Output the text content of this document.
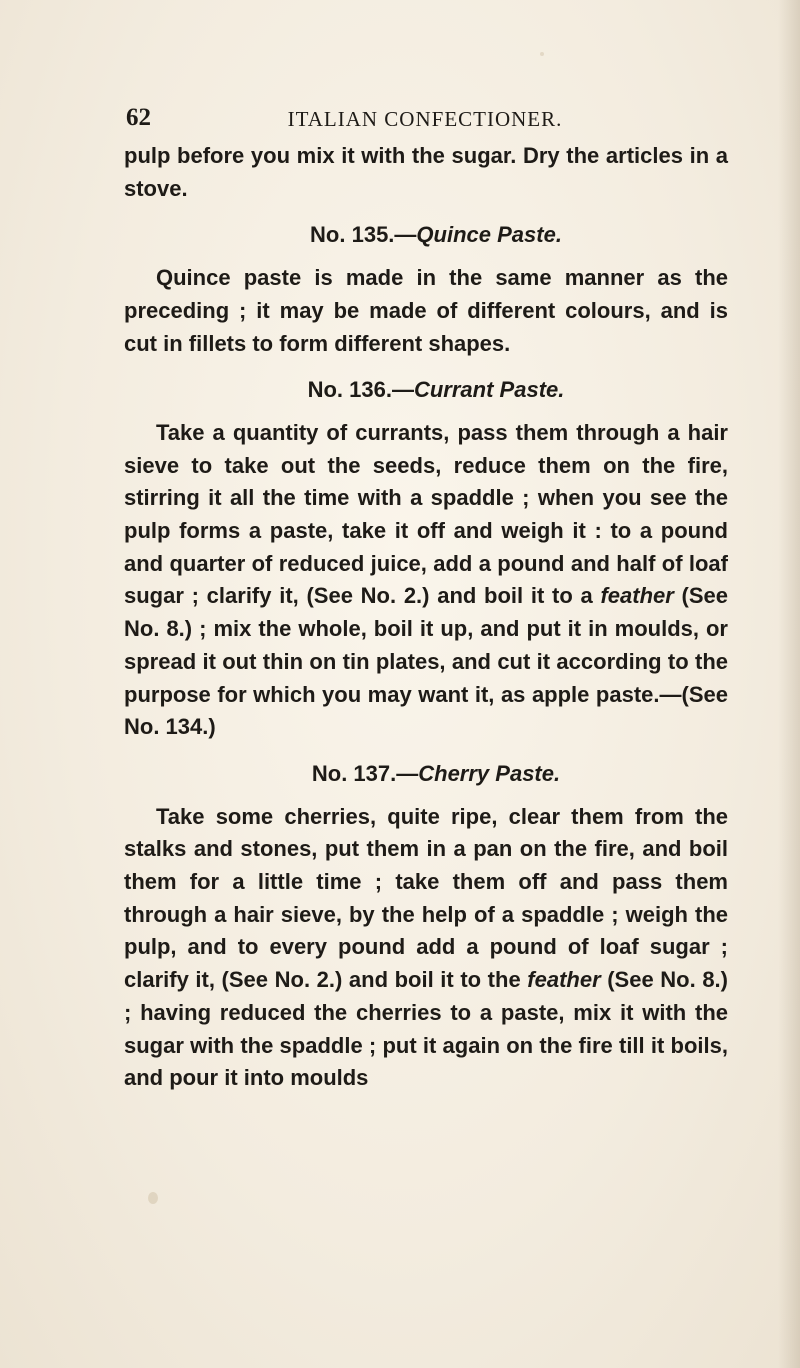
62	ITALIAN CONFECTIONER.

pulp before you mix it with the sugar. Dry the articles in a stove.

No. 135.—Quince Paste.

Quince paste is made in the same manner as the preceding ; it may be made of different colours, and is cut in fillets to form different shapes.

No. 136.—Currant Paste.

Take a quantity of currants, pass them through a hair sieve to take out the seeds, reduce them on the fire, stirring it all the time with a spaddle ; when you see the pulp forms a paste, take it off and weigh it : to a pound and quarter of reduced juice, add a pound and half of loaf sugar ; clarify it, (See No. 2.) and boil it to a feather (See No. 8.) ; mix the whole, boil it up, and put it in moulds, or spread it out thin on tin plates, and cut it according to the purpose for which you may want it, as apple paste.—(See No. 134.)

No. 137.—Cherry Paste.

Take some cherries, quite ripe, clear them from the stalks and stones, put them in a pan on the fire, and boil them for a little time ; take them off and pass them through a hair sieve, by the help of a spaddle ; weigh the pulp, and to every pound add a pound of loaf sugar ; clarify it, (See No. 2.) and boil it to the feather (See No. 8.) ; having reduced the cherries to a paste, mix it with the sugar with the spaddle ; put it again on the fire till it boils, and pour it into moulds
